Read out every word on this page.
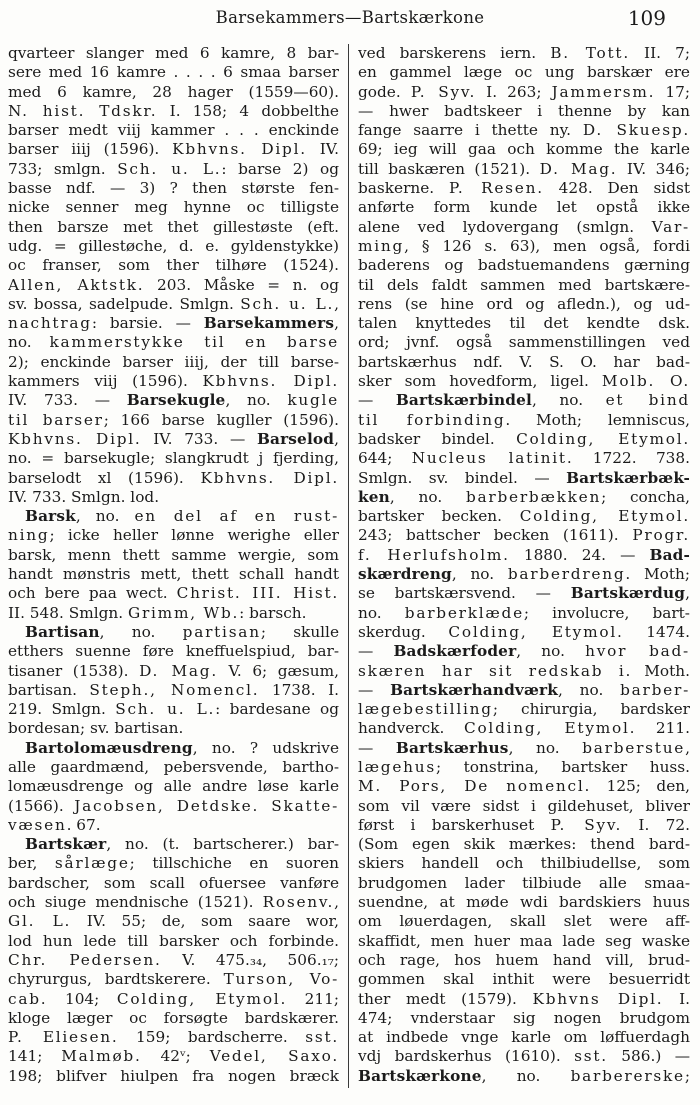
Barsekammers—Bartskærkone	109
qvarteer slanger med 6 kamre, 8 bar-
sere med 16 kamre . . . . 6 smaa barser
med 6 kamre, 28 hager (1559—60).
N. hist. Tdskr. I. 158; 4 dobbelthe
barser medt viij kammer . . . enckinde
barser iiij (1596). Kbhvns. Dipl. IV.
733; smlgn. Sch. u. L.: barse 2) og
basse ndf. — 3) ? then største fen-
nicke senner meg hynne oc tilligste
then barsze met thet gillestøste (eft.
udg. = gillestøche, d. e. gyldenstykke)
oc franser, som ther tilhøre (1524).
Allen, Aktstk. 203. Måske = n. og
sv. bossa, sadelpude. Smlgn. Sch. u. L.,
nachtrag: barsie. — Barsekammers,
no. kammerstykke til en barse
2); enckinde barser iiij, der till barse-
kammers viij (1596). Kbhvns. Dipl.
IV. 733. — Barsekugle, no. kugle
til barser; 166 barse kugller (1596).
Kbhvns. Dipl. IV. 733. — Barselod,
no. = barsekugle; slangkrudt j fjerding,
barselodt xl (1596). Kbhvns. Dipl.
IV. 733. Smlgn. lod.
Barsk, no. en del af en rust-
ning; icke heller lønne werighe eller
barsk, menn thett samme wergie, som
handt mønstris mett, thett schall handt
och bere paa wect. Christ. III. Hist.
II. 548. Smlgn. Grimm, Wb.: barsch.
Bartisan, no. partisan; skulle
etthers suenne føre kneffuelspiud, bar-
tisaner (1538). D. Mag. V. 6; gæsum,
bartisan. Steph., Nomencl. 1738. I.
219. Smlgn. Sch. u. L.: bardesane og
bordesan; sv. bartisan.
Bartolomæusdreng, no. ? udskrive
alle gaardmænd, pebersvende, bartho-
lomæusdrenge og alle andre løse karle
(1566). Jacobsen, Detdske. Skatte-
væsen. 67.
Bartskær, no. (t. bartscherer.) bar-
ber, sårlæge; tillschiche en suoren
bardscher, som scall ofuersee vanføre
och siuge mendnische (1521). Rosenv.,
Gl. L. IV. 55; de, som saare wor,
lod hun lede till barsker och forbinde.
Chr. Pedersen. V. 475.₃₄, 506.₁₇;
chyrurgus, bardtskerere. Turson, Vo-
cab. 104; Colding, Etymol. 211;
kloge læger oc forsøgte bardskærer.
P. Eliesen. 159; bardscherre. sst.
141; Malmøb. 42ᵛ; Vedel, Saxo.
198; blifver hiulpen fra nogen bræck
ved barskerens iern. B. Tott. II. 7;
en gammel læge oc ung barskær ere
gode. P. Syv. I. 263; Jammersm. 17;
— hwer badtskeer i thenne by kan
fange saarre i thette ny. D. Skuesp.
69; ieg will gaa och komme the karle
till baskæren (1521). D. Mag. IV. 346;
baskerne. P. Resen. 428. Den sidst
anførte form kunde let opstå ikke
alene ved lydovergang (smlgn. Var-
ming, § 126 s. 63), men også, fordi
baderens og badstuemandens gærning
til dels faldt sammen med bartskære-
rens (se hine ord og afledn.), og ud-
talen knyttedes til det kendte dsk.
ord; jvnf. også sammenstillingen ved
bartskærhus ndf. V. S. O. har bad-
sker som hovedform, ligel. Molb. O.
— Bartskærbindel, no. et bind
til forbinding. Moth; lemniscus,
badsker bindel. Colding, Etymol.
644; Nucleus latinit. 1722. 738.
Smlgn. sv. bindel. — Bartskærbæk-
ken, no. barberbækken; concha,
bartsker becken. Colding, Etymol.
243; battscher becken (1611). Progr.
f. Herlufsholm. 1880. 24. — Bad-
skærdreng, no. barberdreng. Moth;
se bartskærsvend. — Bartskærdug,
no. barberklæde; involucre, bart-
skerdug. Colding, Etymol. 1474.
— Badskærfoder, no. hvor bad-
skæren har sit redskab i. Moth.
— Bartskærhandværk, no. barber-
lægebestilling; chirurgia, bardsker
handverck. Colding, Etymol. 211.
— Bartskærhus, no. barberstue,
lægehus; tonstrina, bartsker huss.
M. Pors, De nomencl. 125; den,
som vil være sidst i gildehuset, bliver
først i barskerhuset P. Syv. I. 72.
(Som egen skik mærkes: thend bard-
skiers handell och thilbiudellse, som
brudgomen lader tilbiude alle smaa-
suendne, at møde wdi bardskiers huus
om løuerdagen, skall slet were aff-
skaffidt, men huer maa lade seg waske
och rage, hos huem hand vill, brud-
gommen skal inthit were besuerridt
ther medt (1579). Kbhvns Dipl. I.
474; vnderstaar sig nogen brudgom
at indbede vnge karle om løffuerdagh
vdj bardskerhus (1610). sst. 586.) —
Bartskærkone, no. barbererske;
